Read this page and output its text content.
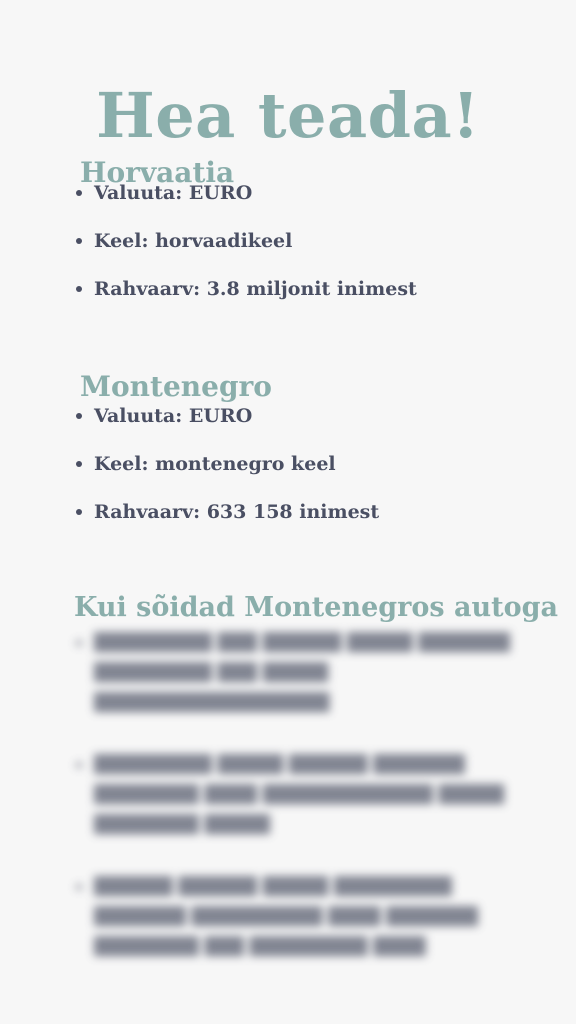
Hea teada!
Horvaatia
Valuuta: EURO
Keel: horvaadikeel
Rahvaarv: 3.8 miljonit inimest
Montenegro
Valuuta: EURO
Keel: montenegro keel
Rahvaarv: 633 158 inimest
Kui sõidad Montenegros autoga
█████████ ███ ██████ █████ ███████ █████████ ███ █████ ██████████████████
█████████ █████ ██████ ███████ ████████ ████ █████████████ █████ ████████ █████
██████ ██████ █████ █████████ ███████ ██████████ ████ ███████ ████████ ███ █████████ ████
